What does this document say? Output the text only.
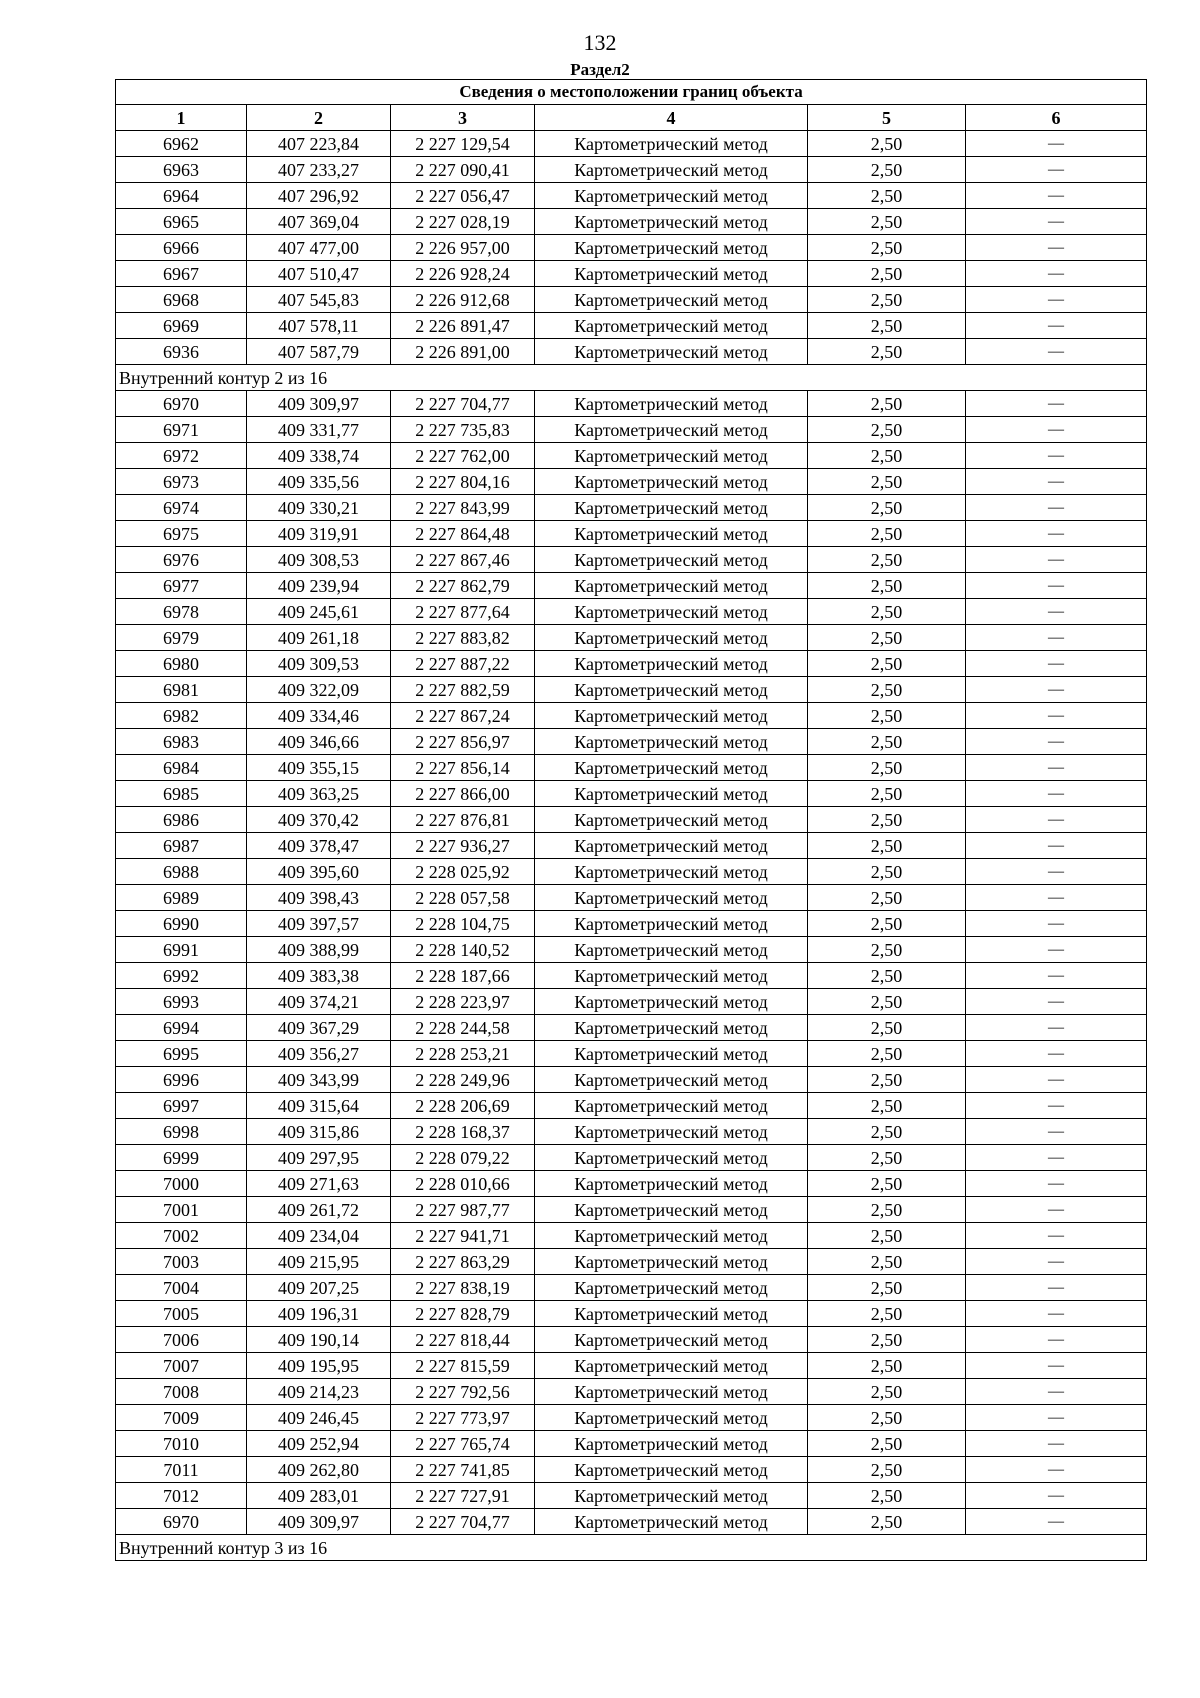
132
Раздел2
Сведения о местоположении границ объекта					
1	2	3	4	5	6
6962	407 223,84	2 227 129,54	Картометрический метод	2,50	—
6963	407 233,27	2 227 090,41	Картометрический метод	2,50	—
6964	407 296,92	2 227 056,47	Картометрический метод	2,50	—
6965	407 369,04	2 227 028,19	Картометрический метод	2,50	—
6966	407 477,00	2 226 957,00	Картометрический метод	2,50	—
6967	407 510,47	2 226 928,24	Картометрический метод	2,50	—
6968	407 545,83	2 226 912,68	Картометрический метод	2,50	—
6969	407 578,11	2 226 891,47	Картометрический метод	2,50	—
6936	407 587,79	2 226 891,00	Картометрический метод	2,50	—
Внутренний контур 2 из 16					
6970	409 309,97	2 227 704,77	Картометрический метод	2,50	—
6971	409 331,77	2 227 735,83	Картометрический метод	2,50	—
6972	409 338,74	2 227 762,00	Картометрический метод	2,50	—
6973	409 335,56	2 227 804,16	Картометрический метод	2,50	—
6974	409 330,21	2 227 843,99	Картометрический метод	2,50	—
6975	409 319,91	2 227 864,48	Картометрический метод	2,50	—
6976	409 308,53	2 227 867,46	Картометрический метод	2,50	—
6977	409 239,94	2 227 862,79	Картометрический метод	2,50	—
6978	409 245,61	2 227 877,64	Картометрический метод	2,50	—
6979	409 261,18	2 227 883,82	Картометрический метод	2,50	—
6980	409 309,53	2 227 887,22	Картометрический метод	2,50	—
6981	409 322,09	2 227 882,59	Картометрический метод	2,50	—
6982	409 334,46	2 227 867,24	Картометрический метод	2,50	—
6983	409 346,66	2 227 856,97	Картометрический метод	2,50	—
6984	409 355,15	2 227 856,14	Картометрический метод	2,50	—
6985	409 363,25	2 227 866,00	Картометрический метод	2,50	—
6986	409 370,42	2 227 876,81	Картометрический метод	2,50	—
6987	409 378,47	2 227 936,27	Картометрический метод	2,50	—
6988	409 395,60	2 228 025,92	Картометрический метод	2,50	—
6989	409 398,43	2 228 057,58	Картометрический метод	2,50	—
6990	409 397,57	2 228 104,75	Картометрический метод	2,50	—
6991	409 388,99	2 228 140,52	Картометрический метод	2,50	—
6992	409 383,38	2 228 187,66	Картометрический метод	2,50	—
6993	409 374,21	2 228 223,97	Картометрический метод	2,50	—
6994	409 367,29	2 228 244,58	Картометрический метод	2,50	—
6995	409 356,27	2 228 253,21	Картометрический метод	2,50	—
6996	409 343,99	2 228 249,96	Картометрический метод	2,50	—
6997	409 315,64	2 228 206,69	Картометрический метод	2,50	—
6998	409 315,86	2 228 168,37	Картометрический метод	2,50	—
6999	409 297,95	2 228 079,22	Картометрический метод	2,50	—
7000	409 271,63	2 228 010,66	Картометрический метод	2,50	—
7001	409 261,72	2 227 987,77	Картометрический метод	2,50	—
7002	409 234,04	2 227 941,71	Картометрический метод	2,50	—
7003	409 215,95	2 227 863,29	Картометрический метод	2,50	—
7004	409 207,25	2 227 838,19	Картометрический метод	2,50	—
7005	409 196,31	2 227 828,79	Картометрический метод	2,50	—
7006	409 190,14	2 227 818,44	Картометрический метод	2,50	—
7007	409 195,95	2 227 815,59	Картометрический метод	2,50	—
7008	409 214,23	2 227 792,56	Картометрический метод	2,50	—
7009	409 246,45	2 227 773,97	Картометрический метод	2,50	—
7010	409 252,94	2 227 765,74	Картометрический метод	2,50	—
7011	409 262,80	2 227 741,85	Картометрический метод	2,50	—
7012	409 283,01	2 227 727,91	Картометрический метод	2,50	—
6970	409 309,97	2 227 704,77	Картометрический метод	2,50	—
Внутренний контур 3 из 16					
